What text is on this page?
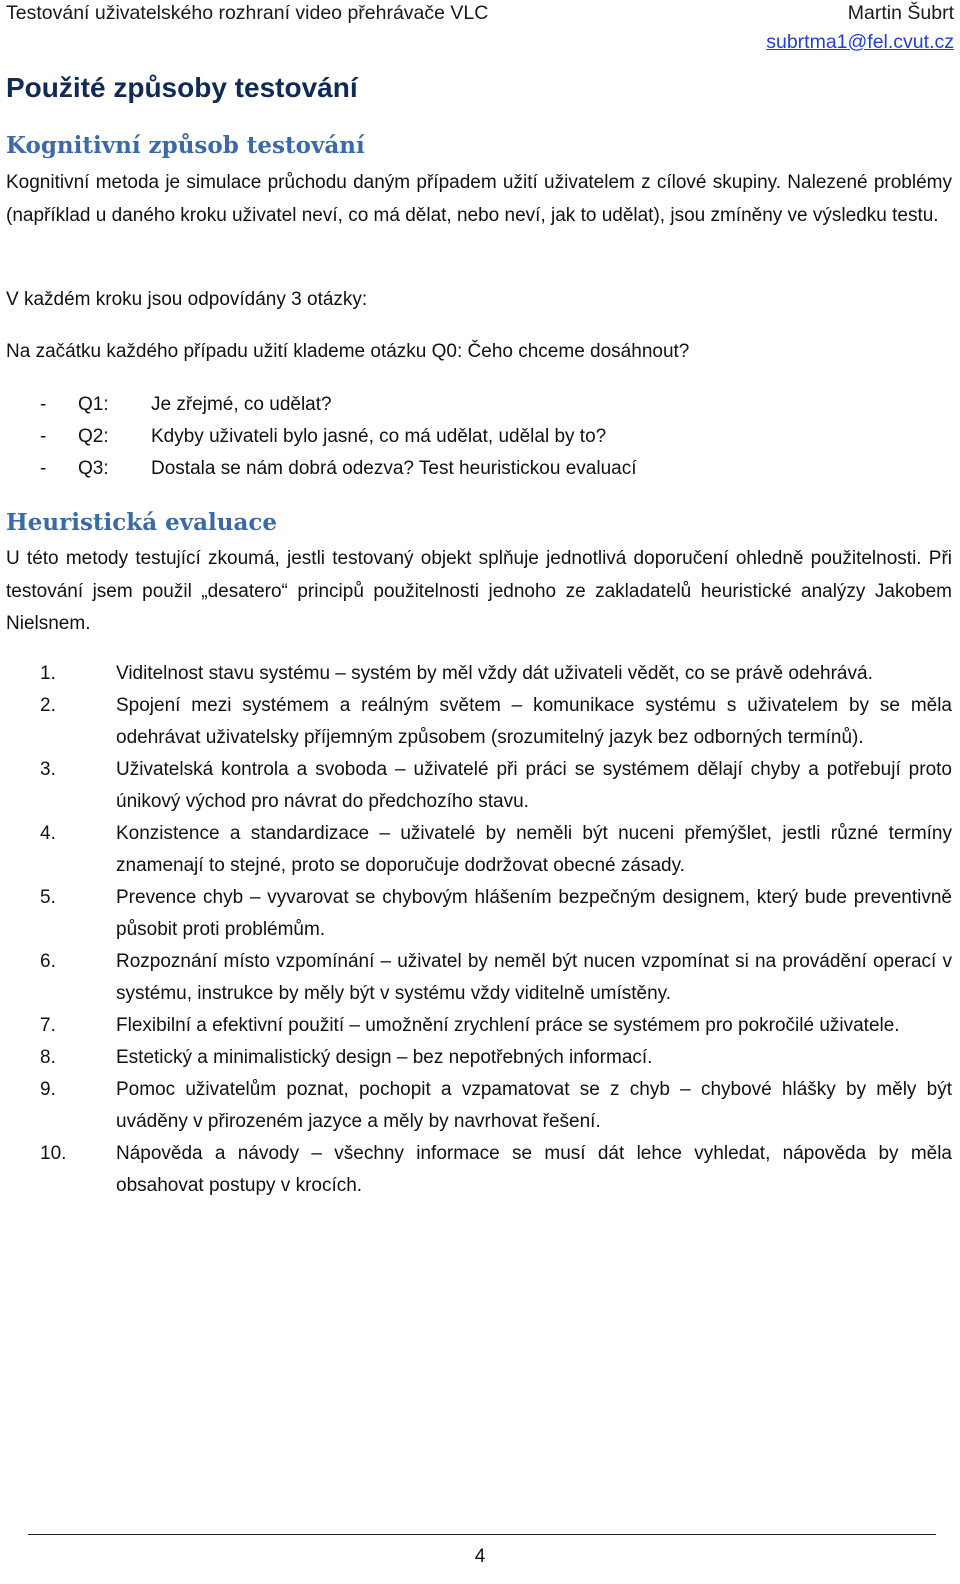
Testování uživatelského rozhraní video přehrávače VLC	Martin Šubrt
subrtma1@fel.cvut.cz
Použité způsoby testování
Kognitivní způsob testování
Kognitivní metoda je simulace průchodu daným případem užití uživatelem z cílové skupiny. Nalezené problémy (například u daného kroku uživatel neví, co má dělat, nebo neví, jak to udělat), jsou zmíněny ve výsledku testu.
V každém kroku jsou odpovídány 3 otázky:
Na začátku každého případu užití klademe otázku Q0: Čeho chceme dosáhnout?
- Q1: Je zřejmé, co udělat?
- Q2: Kdyby uživateli bylo jasné, co má udělat, udělal by to?
- Q3: Dostala se nám dobrá odezva? Test heuristickou evaluací
Heuristická evaluace
U této metody testující zkoumá, jestli testovaný objekt splňuje jednotlivá doporučení ohledně použitelnosti. Při testování jsem použil „desatero“ principů použitelnosti jednoho ze zakladatelů heuristické analýzy Jakobem Nielsnem.
1.	Viditelnost stavu systému – systém by měl vždy dát uživateli vědět, co se právě odehrává.
2.	Spojení mezi systémem a reálným světem – komunikace systému s uživatelem by se měla odehrávat uživatelsky příjemným způsobem (srozumitelný jazyk bez odborných termínů).
3.	Uživatelská kontrola a svoboda – uživatelé při práci se systémem dělají chyby a potřebují proto únikový východ pro návrat do předchozího stavu.
4.	Konzistence a standardizace – uživatelé by neměli být nuceni přemýšlet, jestli různé termíny znamenají to stejné, proto se doporučuje dodržovat obecné zásady.
5.	Prevence chyb – vyvarovat se chybovým hlášením bezpečným designem, který bude preventivně působit proti problémům.
6.	Rozpoznání místo vzpomínání – uživatel by neměl být nucen vzpomínat si na provádění operací v systému, instrukce by měly být v systému vždy viditelně umístěny.
7.	Flexibilní a efektivní použití – umožnění zrychlení práce se systémem pro pokročilé uživatele.
8.	Estetický a minimalistický design – bez nepotřebných informací.
9.	Pomoc uživatelům poznat, pochopit a vzpamatovat se z chyb – chybové hlášky by měly být uváděny v přirozeném jazyce a měly by navrhovat řešení.
10.	Nápověda a návody – všechny informace se musí dát lehce vyhledat, nápověda by měla obsahovat postupy v krocích.
4
